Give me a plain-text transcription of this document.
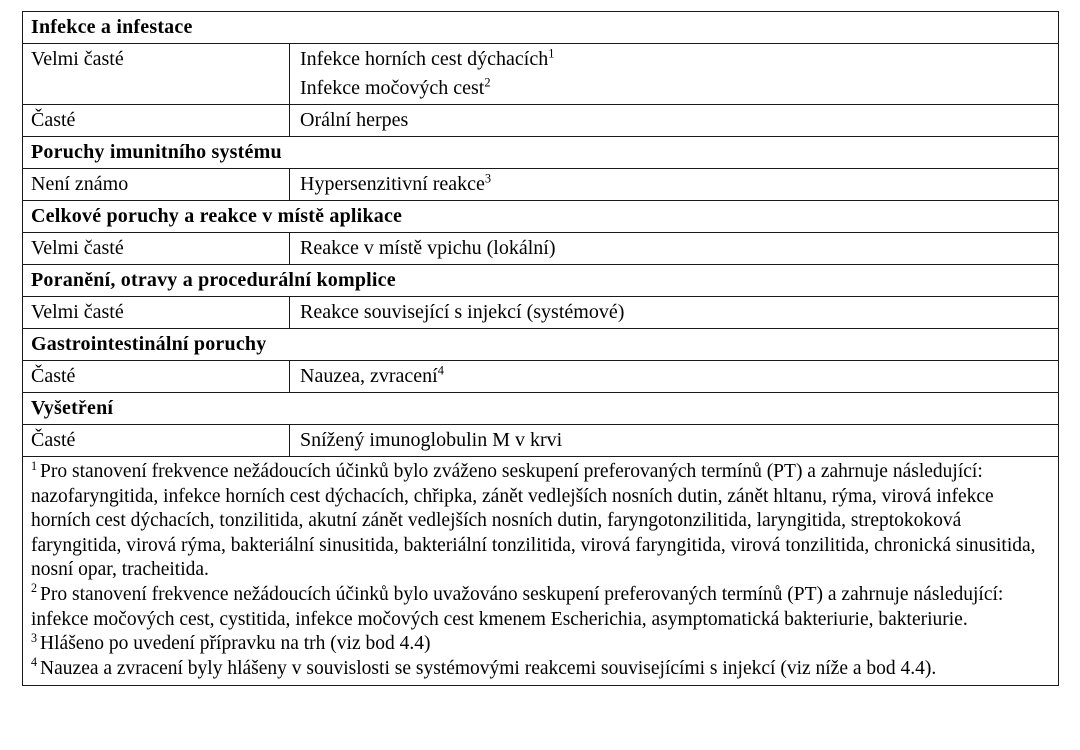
Infekce a infestace	
Velmi časté	Infekce horních cest dýchacích$^1$
Infekce močových cest$^2$

Časté	Orální herpes

Poruchy imunitního systému	
Není známo	Hypersenzitivní reakce$^3$

Celkové poruchy a reakce v místě aplikace	
Velmi časté	Reakce v místě vpichu (lokální)

Poranění, otravy a procedurální komplice	
Velmi časté	Reakce související s injekcí (systémové)

Gastrointestinální poruchy	
Časté	Nauzea, zvracení$^4$

Vyšetření	
Časté	Snížený imunoglobulin M v krvi

$^1$ Pro stanovení frekvence nežádoucích účinků bylo zváženo seskupení preferovaných termínů (PT) a zahrnuje následující: nazofaryngitida, infekce horních cest dýchacích, chřipka, zánět vedlejších nosních dutin, zánět hltanu, rýma, virová infekce horních cest dýchacích, tonzilitida, akutní zánět vedlejších nosních dutin, faryngotonzilitida, laryngitida, streptokoková faryngitida, virová rýma, bakteriální sinusitida, bakteriální tonzilitida, virová faryngitida, virová tonzilitida, chronická sinusitida, nosní opar, tracheitida.

$^2$ Pro stanovení frekvence nežádoucích účinků bylo uvažováno seskupení preferovaných termínů (PT) a zahrnuje následující: infekce močových cest, cystitida, infekce močových cest kmenem Escherichia, asymptomatická bakteriurie, bakteriurie.

$^3$ Hlášeno po uvedení přípravku na trh (viz bod 4.4)

$^4$ Nauzea a zvracení byly hlášeny v souvislosti se systémovými reakcemi souvisejícími s injekcí (viz níže a bod 4.4).	
